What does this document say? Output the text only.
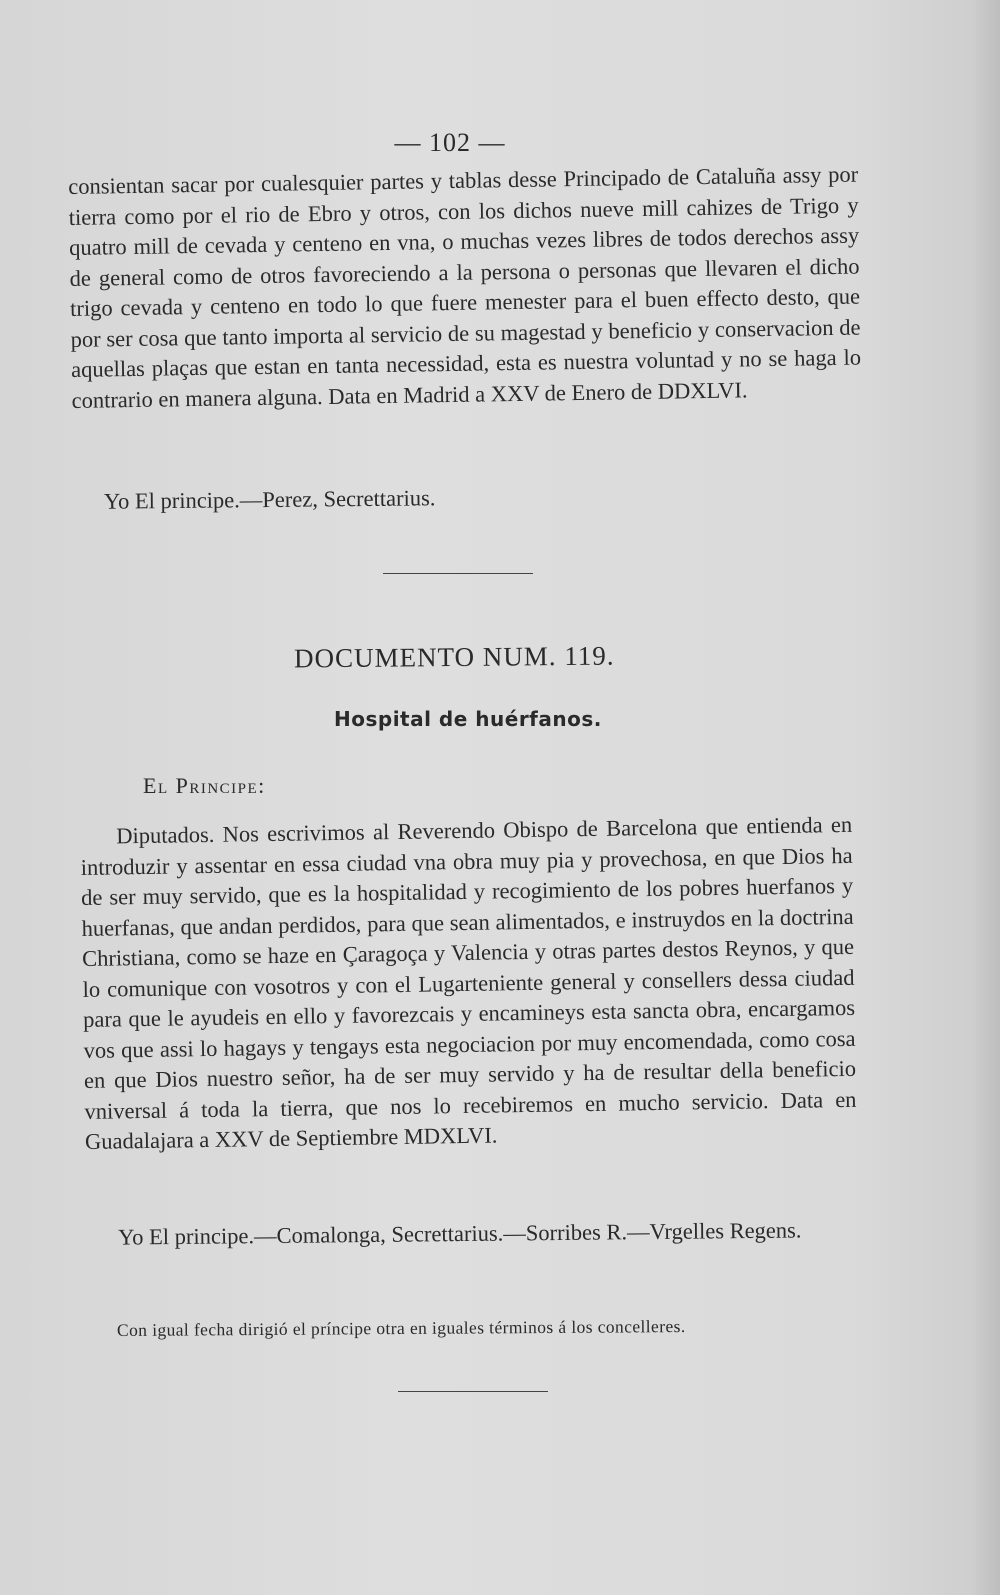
— 102 —

consientan sacar por cualesquier partes y tablas desse Principado de Cataluña assy por tierra como por el rio de Ebro y otros, con los dichos nueve mill cahizes de Trigo y quatro mill de cevada y centeno en vna, o muchas vezes libres de todos derechos assy de general como de otros favoreciendo a la persona o personas que llevaren el dicho trigo cevada y centeno en todo lo que fuere menester para el buen effecto desto, que por ser cosa que tanto importa al servicio de su magestad y beneficio y conservacion de aquellas plaças que estan en tanta necessidad, esta es nuestra voluntad y no se haga lo contrario en manera alguna. Data en Madrid a XXV de Enero de DDXLVI.

Yo El principe.—Perez, Secrettarius.
DOCUMENTO NUM. 119.
Hospital de huérfanos.
El Principe:

Diputados. Nos escrivimos al Reverendo Obispo de Barcelona que entienda en introduzir y assentar en essa ciudad vna obra muy pia y provechosa, en que Dios ha de ser muy servido, que es la hospitalidad y recogimiento de los pobres huerfanos y huerfanas, que andan perdidos, para que sean alimentados, e instruydos en la doctrina Christiana, como se haze en Çaragoça y Valencia y otras partes destos Reynos, y que lo comunique con vosotros y con el Lugarteniente general y consellers dessa ciudad para que le ayudeis en ello y favorezcais y encamineys esta sancta obra, encargamos vos que assi lo hagays y tengays esta negociacion por muy encomendada, como cosa en que Dios nuestro señor, ha de ser muy servido y ha de resultar della beneficio vniversal á toda la tierra, que nos lo recebiremos en mucho servicio. Data en Guadalajara a XXV de Septiembre MDXLVI.

Yo El principe.—Comalonga, Secrettarius.—Sorribes R.—Vrgelles Regens.
Con igual fecha dirigió el príncipe otra en iguales términos á los concelleres.
